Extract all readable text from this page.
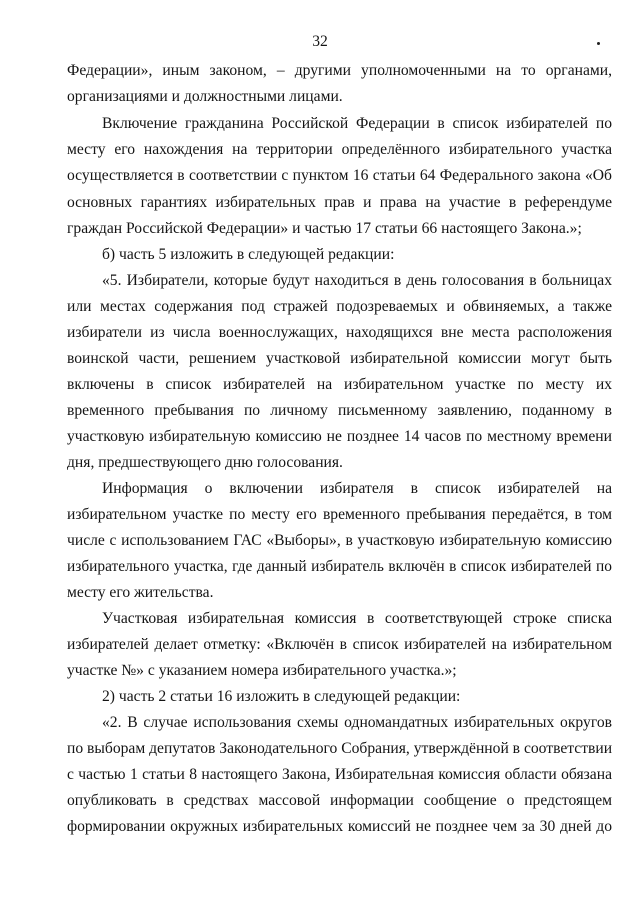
32
Федерации», иным законом, – другими уполномоченными на то органами,
организациями и должностными лицами.
Включение гражданина Российской Федерации в список избирателей по
месту его нахождения на территории определённого избирательного участка
осуществляется в соответствии с пунктом 16 статьи 64 Федерального закона «Об
основных гарантиях избирательных прав и права на участие в референдуме
граждан Российской Федерации» и частью 17 статьи 66 настоящего Закона.»;
б) часть 5 изложить в следующей редакции:
«5. Избиратели, которые будут находиться в день голосования в больницах
или местах содержания под стражей подозреваемых и обвиняемых, а также
избиратели из числа военнослужащих, находящихся вне места расположения
воинской части, решением участковой избирательной комиссии могут быть
включены в список избирателей на избирательном участке по месту их
временного пребывания по личному письменному заявлению, поданному в
участковую избирательную комиссию не позднее 14 часов по местному времени
дня, предшествующего дню голосования.
Информация о включении избирателя в список избирателей на
избирательном участке по месту его временного пребывания передаётся, в том
числе с использованием ГАС «Выборы», в участковую избирательную комиссию
избирательного участка, где данный избиратель включён в список избирателей по
месту его жительства.
Участковая избирательная комиссия в соответствующей строке списка
избирателей делает отметку: «Включён в список избирателей на избирательном
участке №» с указанием номера избирательного участка.»;
2) часть 2 статьи 16 изложить в следующей редакции:
«2. В случае использования схемы одномандатных избирательных округов
по выборам депутатов Законодательного Собрания, утверждённой в соответствии
с частью 1 статьи 8 настоящего Закона, Избирательная комиссия области обязана
опубликовать в средствах массовой информации сообщение о предстоящем
формировании окружных избирательных комиссий не позднее чем за 30 дней до
